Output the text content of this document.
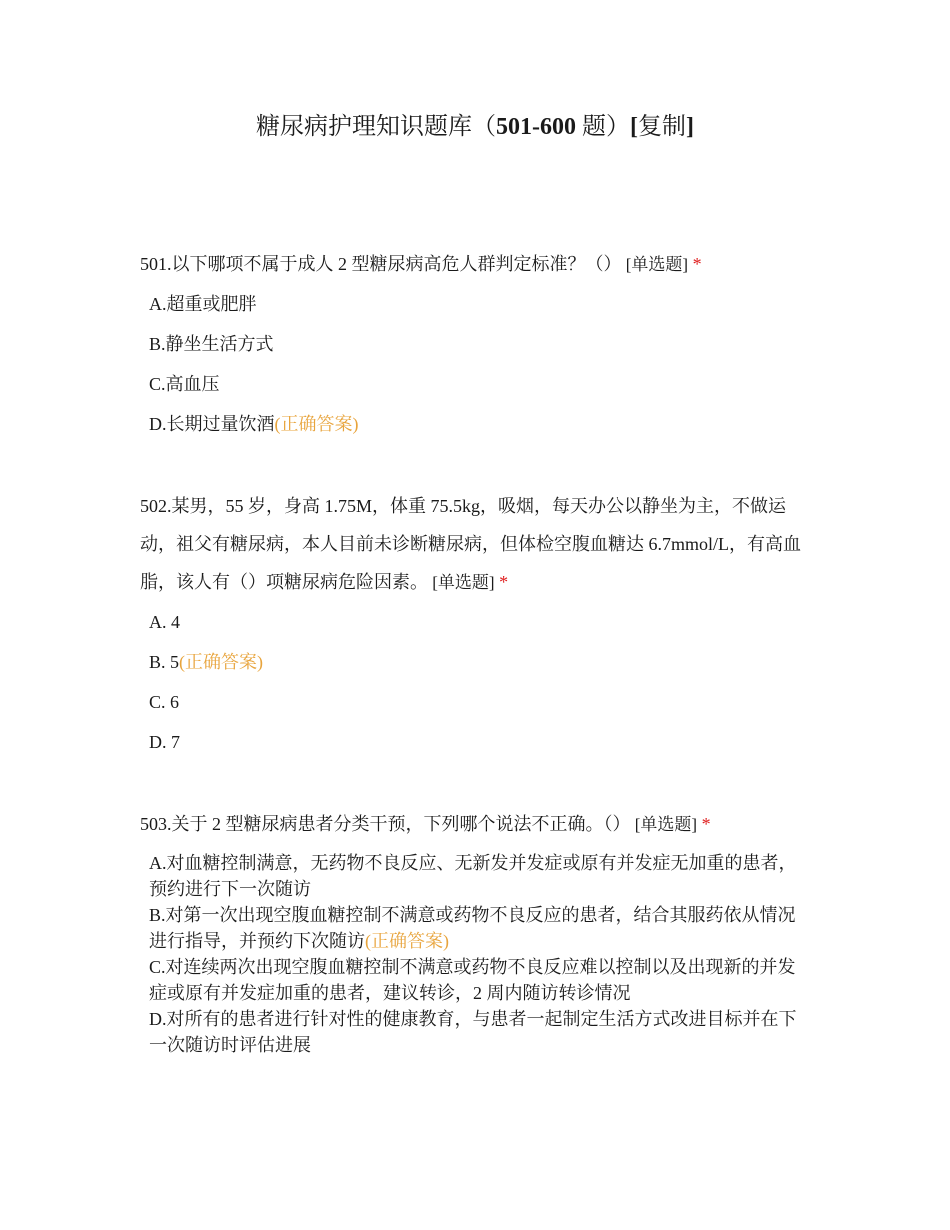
糖尿病护理知识题库（501-600 题）[复制]

501.以下哪项不属于成人 2 型糖尿病高危人群判定标准？（） [单选题] *

A.超重或肥胖
B.静坐生活方式
C.高血压
D.长期过量饮酒(正确答案)

502.某男，55 岁，身高 1.75M，体重 75.5kg，吸烟，每天办公以静坐为主，不做运动，祖父有糖尿病，本人目前未诊断糖尿病，但体检空腹血糖达 6.7mmol/L，有高血脂，该人有（）项糖尿病危险因素。 [单选题] *

A. 4
B. 5(正确答案)
C. 6
D. 7

503.关于 2 型糖尿病患者分类干预，下列哪个说法不正确。（） [单选题] *

A.对血糖控制满意，无药物不良反应、无新发并发症或原有并发症无加重的患者，预约进行下一次随访
B.对第一次出现空腹血糖控制不满意或药物不良反应的患者，结合其服药依从情况进行指导，并预约下次随访(正确答案)
C.对连续两次出现空腹血糖控制不满意或药物不良反应难以控制以及出现新的并发症或原有并发症加重的患者，建议转诊，2 周内随访转诊情况
D.对所有的患者进行针对性的健康教育，与患者一起制定生活方式改进目标并在下一次随访时评估进展
